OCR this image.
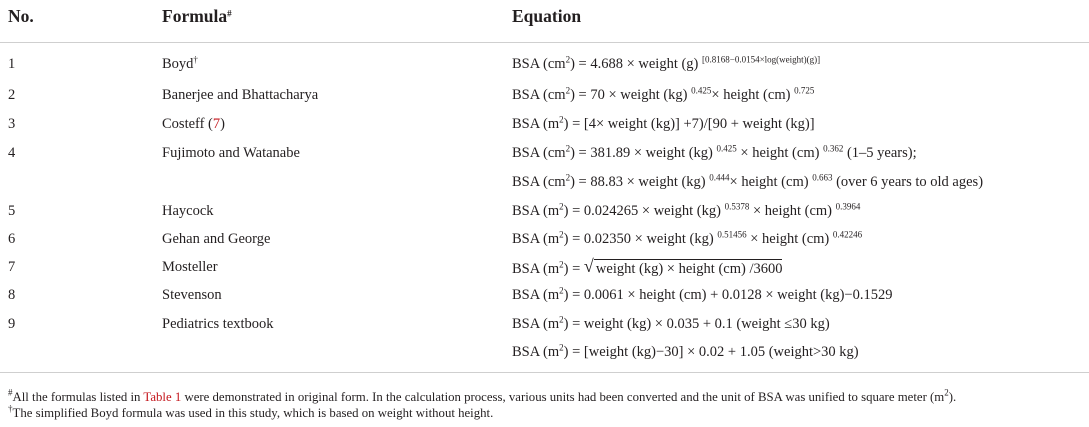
No.	Formula#	Equation
1	Boyd†	BSA $(cm^2) = 4.688$ × weight (g) [0.8168−0.0154×log(weight)(g)]
2	Banerjee and Bhattacharya	BSA $(cm^2) = 70$ × weight (kg) $^{0.425}$× height (cm) $^{0.725}$
3	Costeff (7)	BSA $(m^2) = [4\times$ weight (kg)] +7)/[90 + weight (kg)]
4	Fujimoto and Watanabe	BSA $(cm^2) = 381.89$ × weight (kg) $^{0.425}$ × height (cm) $^{0.362}$ (1–5 years);
BSA $(cm^2) = 88.83$ × weight (kg) $^{0.444}$× height (cm) $^{0.663}$ (over 6 years to old ages)
5	Haycock	BSA $(m^2) = 0.024265$ × weight (kg) $^{0.5378}$ × height (cm) $^{0.3964}$
6	Gehan and George	BSA $(m^2) = 0.02350$ × weight (kg) $^{0.51456}$ × height (cm) $^{0.42246}$
7	Mosteller	BSA $(m^2)$ = √ weight (kg) × height (cm) /3600
8	Stevenson	BSA $(m^2) = 0.0061$ × height (cm) + 0.0128 × weight (kg)−0.1529
9	Pediatrics textbook	BSA $(m^2)$ = weight (kg) × 0.035 + 0.1 (weight ≤30 kg)
BSA $(m^2)$ = [weight (kg)−30] × 0.02 + 1.05 (weight>30 kg)
#All the formulas listed in Table 1 were demonstrated in original form. In the calculation process, various units had been converted and the unit of BSA was unified to square meter $(m^2)$.
†The simplified Boyd formula was used in this study, which is based on weight without height.
